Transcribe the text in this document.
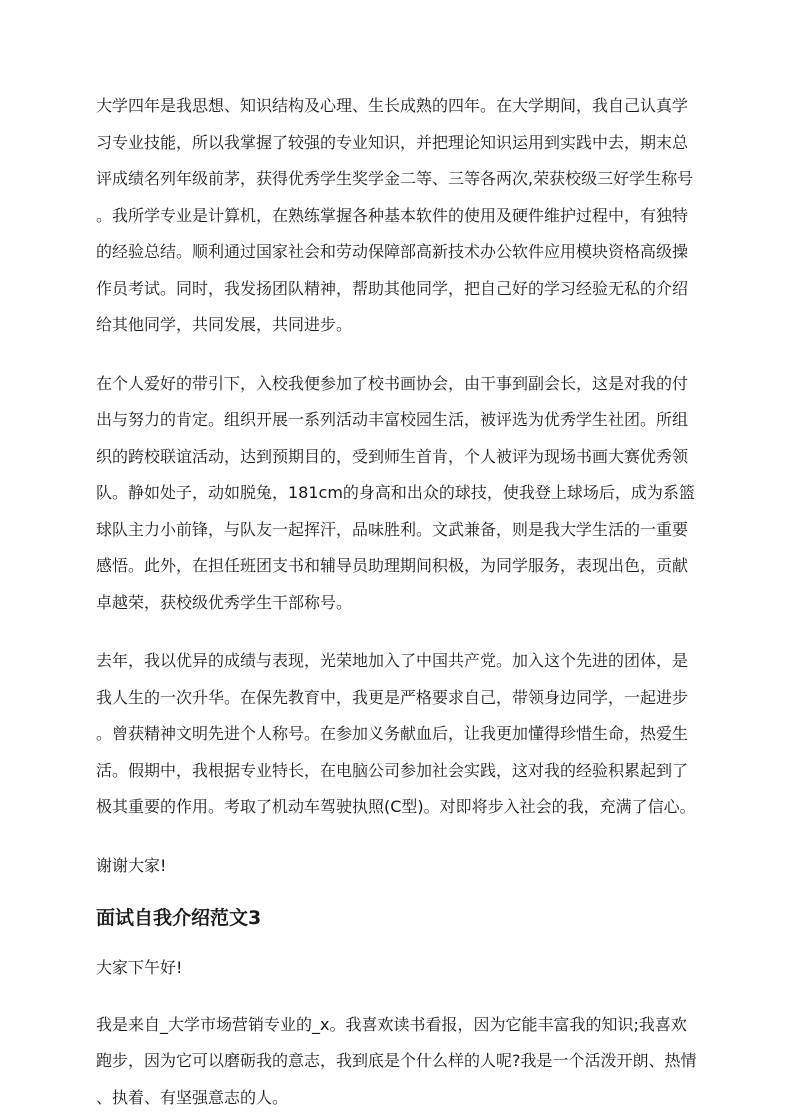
大学四年是我思想、知识结构及心理、生长成熟的四年。在大学期间，我自己认真学
习专业技能，所以我掌握了较强的专业知识，并把理论知识运用到实践中去，期末总
评成绩名列年级前茅，获得优秀学生奖学金二等、三等各两次,荣获校级三好学生称号
。我所学专业是计算机，在熟练掌握各种基本软件的使用及硬件维护过程中，有独特
的经验总结。顺利通过国家社会和劳动保障部高新技术办公软件应用模块资格高级操
作员考试。同时，我发扬团队精神，帮助其他同学，把自己好的学习经验无私的介绍
给其他同学，共同发展，共同进步。

在个人爱好的带引下，入校我便参加了校书画协会，由干事到副会长，这是对我的付
出与努力的肯定。组织开展一系列活动丰富校园生活，被评选为优秀学生社团。所组
织的跨校联谊活动，达到预期目的，受到师生首肯，个人被评为现场书画大赛优秀领
队。静如处子，动如脱兔，181cm的身高和出众的球技，使我登上球场后，成为系篮
球队主力小前锋，与队友一起挥汗，品味胜利。文武兼备，则是我大学生活的一重要
感悟。此外，在担任班团支书和辅导员助理期间积极，为同学服务，表现出色，贡献
卓越荣，获校级优秀学生干部称号。

去年，我以优异的成绩与表现，光荣地加入了中国共产党。加入这个先进的团体，是
我人生的一次升华。在保先教育中，我更是严格要求自己，带领身边同学，一起进步
。曾获精神文明先进个人称号。在参加义务献血后，让我更加懂得珍惜生命，热爱生
活。假期中，我根据专业特长，在电脑公司参加社会实践，这对我的经验积累起到了
极其重要的作用。考取了机动车驾驶执照(C型)。对即将步入社会的我，充满了信心。

谢谢大家!

面试自我介绍范文3

大家下午好!

我是来自_大学市场营销专业的_x。我喜欢读书看报，因为它能丰富我的知识;我喜欢
跑步，因为它可以磨砺我的意志，我到底是个什么样的人呢?我是一个活泼开朗、热情
、执着、有坚强意志的人。
